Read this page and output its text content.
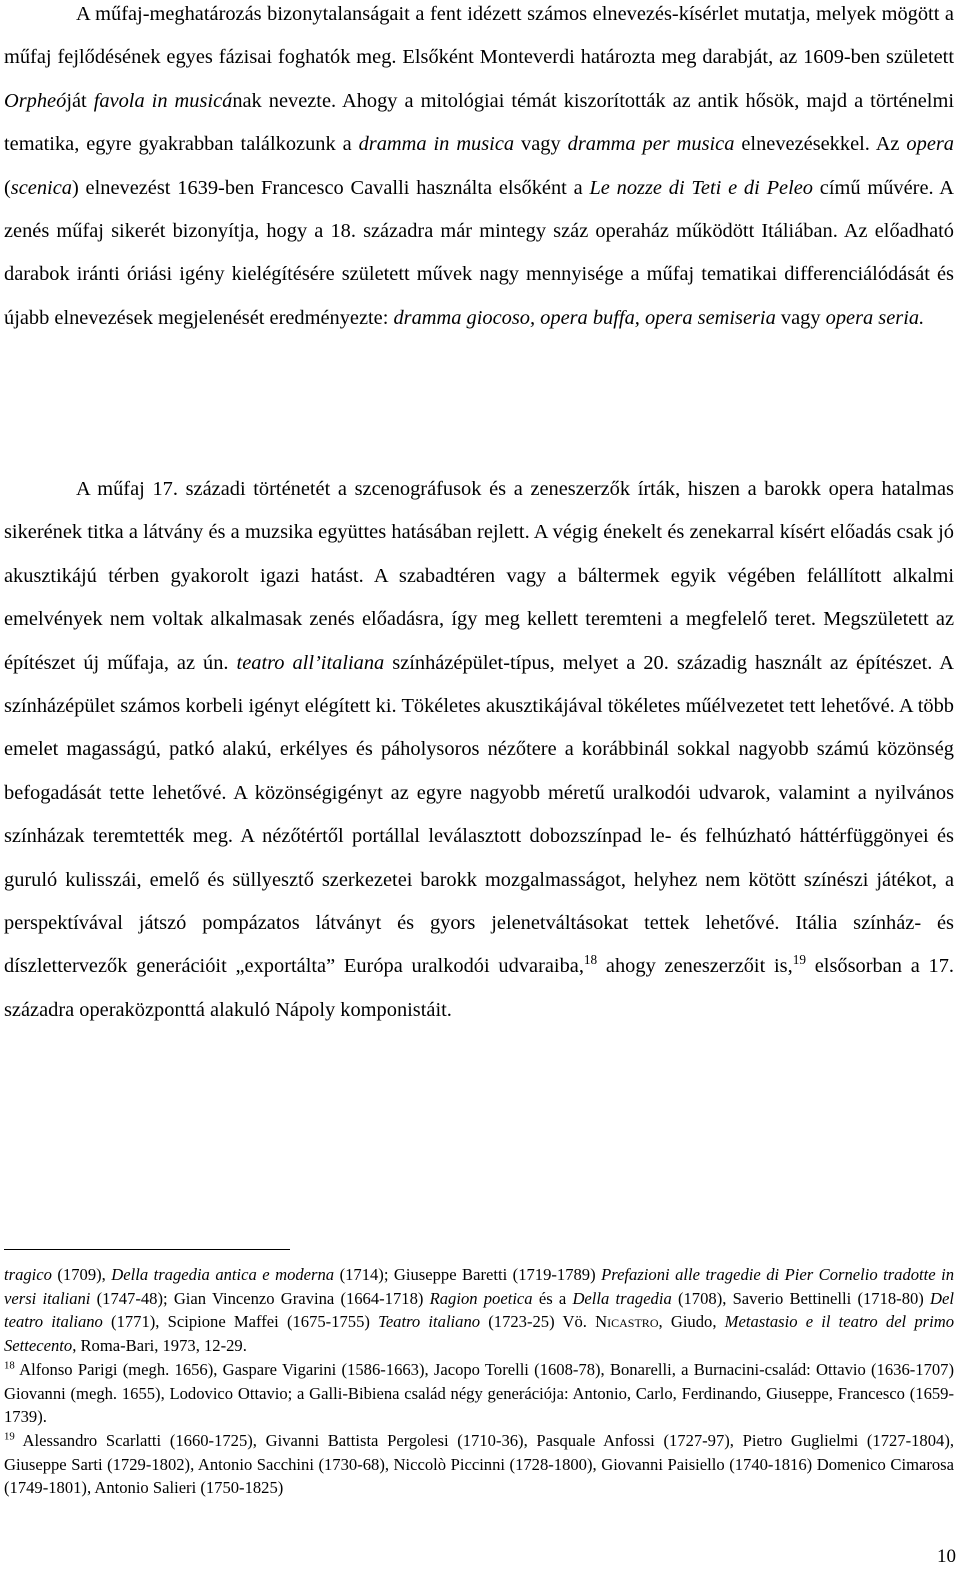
A műfaj-meghatározás bizonytalanságait a fent idézett számos elnevezés-kísérlet mutatja, melyek mögött a műfaj fejlődésének egyes fázisai foghatók meg. Elsőként Monteverdi határozta meg darabját, az 1609-ben született Orpheóját favola in musicának nevezte. Ahogy a mitológiai témát kiszorították az antik hősök, majd a történelmi tematika, egyre gyakrabban találkozunk a dramma in musica vagy dramma per musica elnevezésekkel. Az opera (scenica) elnevezést 1639-ben Francesco Cavalli használta elsőként a Le nozze di Teti e di Peleo című művére. A zenés műfaj sikerét bizonyítja, hogy a 18. századra már mintegy száz operaház működött Itáliában. Az előadható darabok iránti óriási igény kielégítésére született művek nagy mennyisége a műfaj tematikai differenciálódását és újabb elnevezések megjelenését eredményezte: dramma giocoso, opera buffa, opera semiseria vagy opera seria.

A műfaj 17. századi történetét a szcenográfusok és a zeneszerzők írták, hiszen a barokk opera hatalmas sikerének titka a látvány és a muzsika együttes hatásában rejlett. A végig énekelt és zenekarral kísért előadás csak jó akusztikájú térben gyakorolt igazi hatást. A szabadtéren vagy a báltermek egyik végében felállított alkalmi emelvények nem voltak alkalmasak zenés előadásra, így meg kellett teremteni a megfelelő teret. Megszületett az építészet új műfaja, az ún. teatro all’italiana színházépület-típus, melyet a 20. századig használt az építészet. A színházépület számos korbeli igényt elégített ki. Tökéletes akusztikájával tökéletes műélvezetet tett lehetővé. A több emelet magasságú, patkó alakú, erkélyes és páholysoros nézőtere a korábbinál sokkal nagyobb számú közönség befogadását tette lehetővé. A közönségigényt az egyre nagyobb méretű uralkodói udvarok, valamint a nyilvános színházak teremtették meg. A nézőtértől portállal leválasztott dobozszínpad le- és felhúzható háttérfüggönyei és guruló kulisszái, emelő és süllyesztő szerkezetei barokk mozgalmasságot, helyhez nem kötött színészi játékot, a perspektívával játszó pompázatos látványt és gyors jelenetváltásokat tettek lehetővé. Itália színház- és díszlettervezők generációit „exportálta” Európa uralkodói udvaraiba,$^{18}$ ahogy zeneszerzőit is,$^{19}$ elsősorban a 17. századra operaközponttá alakuló Nápoly komponistáit.

tragico (1709), Della tragedia antica e moderna (1714); Giuseppe Baretti (1719-1789) Prefazioni alle tragedie di Pier Cornelio tradotte in versi italiani (1747-48); Gian Vincenzo Gravina (1664-1718) Ragion poetica és a Della tragedia (1708), Saverio Bettinelli (1718-80) Del teatro italiano (1771), Scipione Maffei (1675-1755) Teatro italiano (1723-25) Vö. Nicastro, Giudo, Metastasio e il teatro del primo Settecento, Roma-Bari, 1973, 12-29.

$^{18}$ Alfonso Parigi (megh. 1656), Gaspare Vigarini (1586-1663), Jacopo Torelli (1608-78), Bonarelli, a Burnacini-család: Ottavio (1636-1707) Giovanni (megh. 1655), Lodovico Ottavio; a Galli-Bibiena család négy generációja: Antonio, Carlo, Ferdinando, Giuseppe, Francesco (1659-1739).

$^{19}$ Alessandro Scarlatti (1660-1725), Givanni Battista Pergolesi (1710-36), Pasquale Anfossi (1727-97), Pietro Guglielmi (1727-1804), Giuseppe Sarti (1729-1802), Antonio Sacchini (1730-68), Niccolò Piccinni (1728-1800), Giovanni Paisiello (1740-1816) Domenico Cimarosa (1749-1801), Antonio Salieri (1750-1825)

10
